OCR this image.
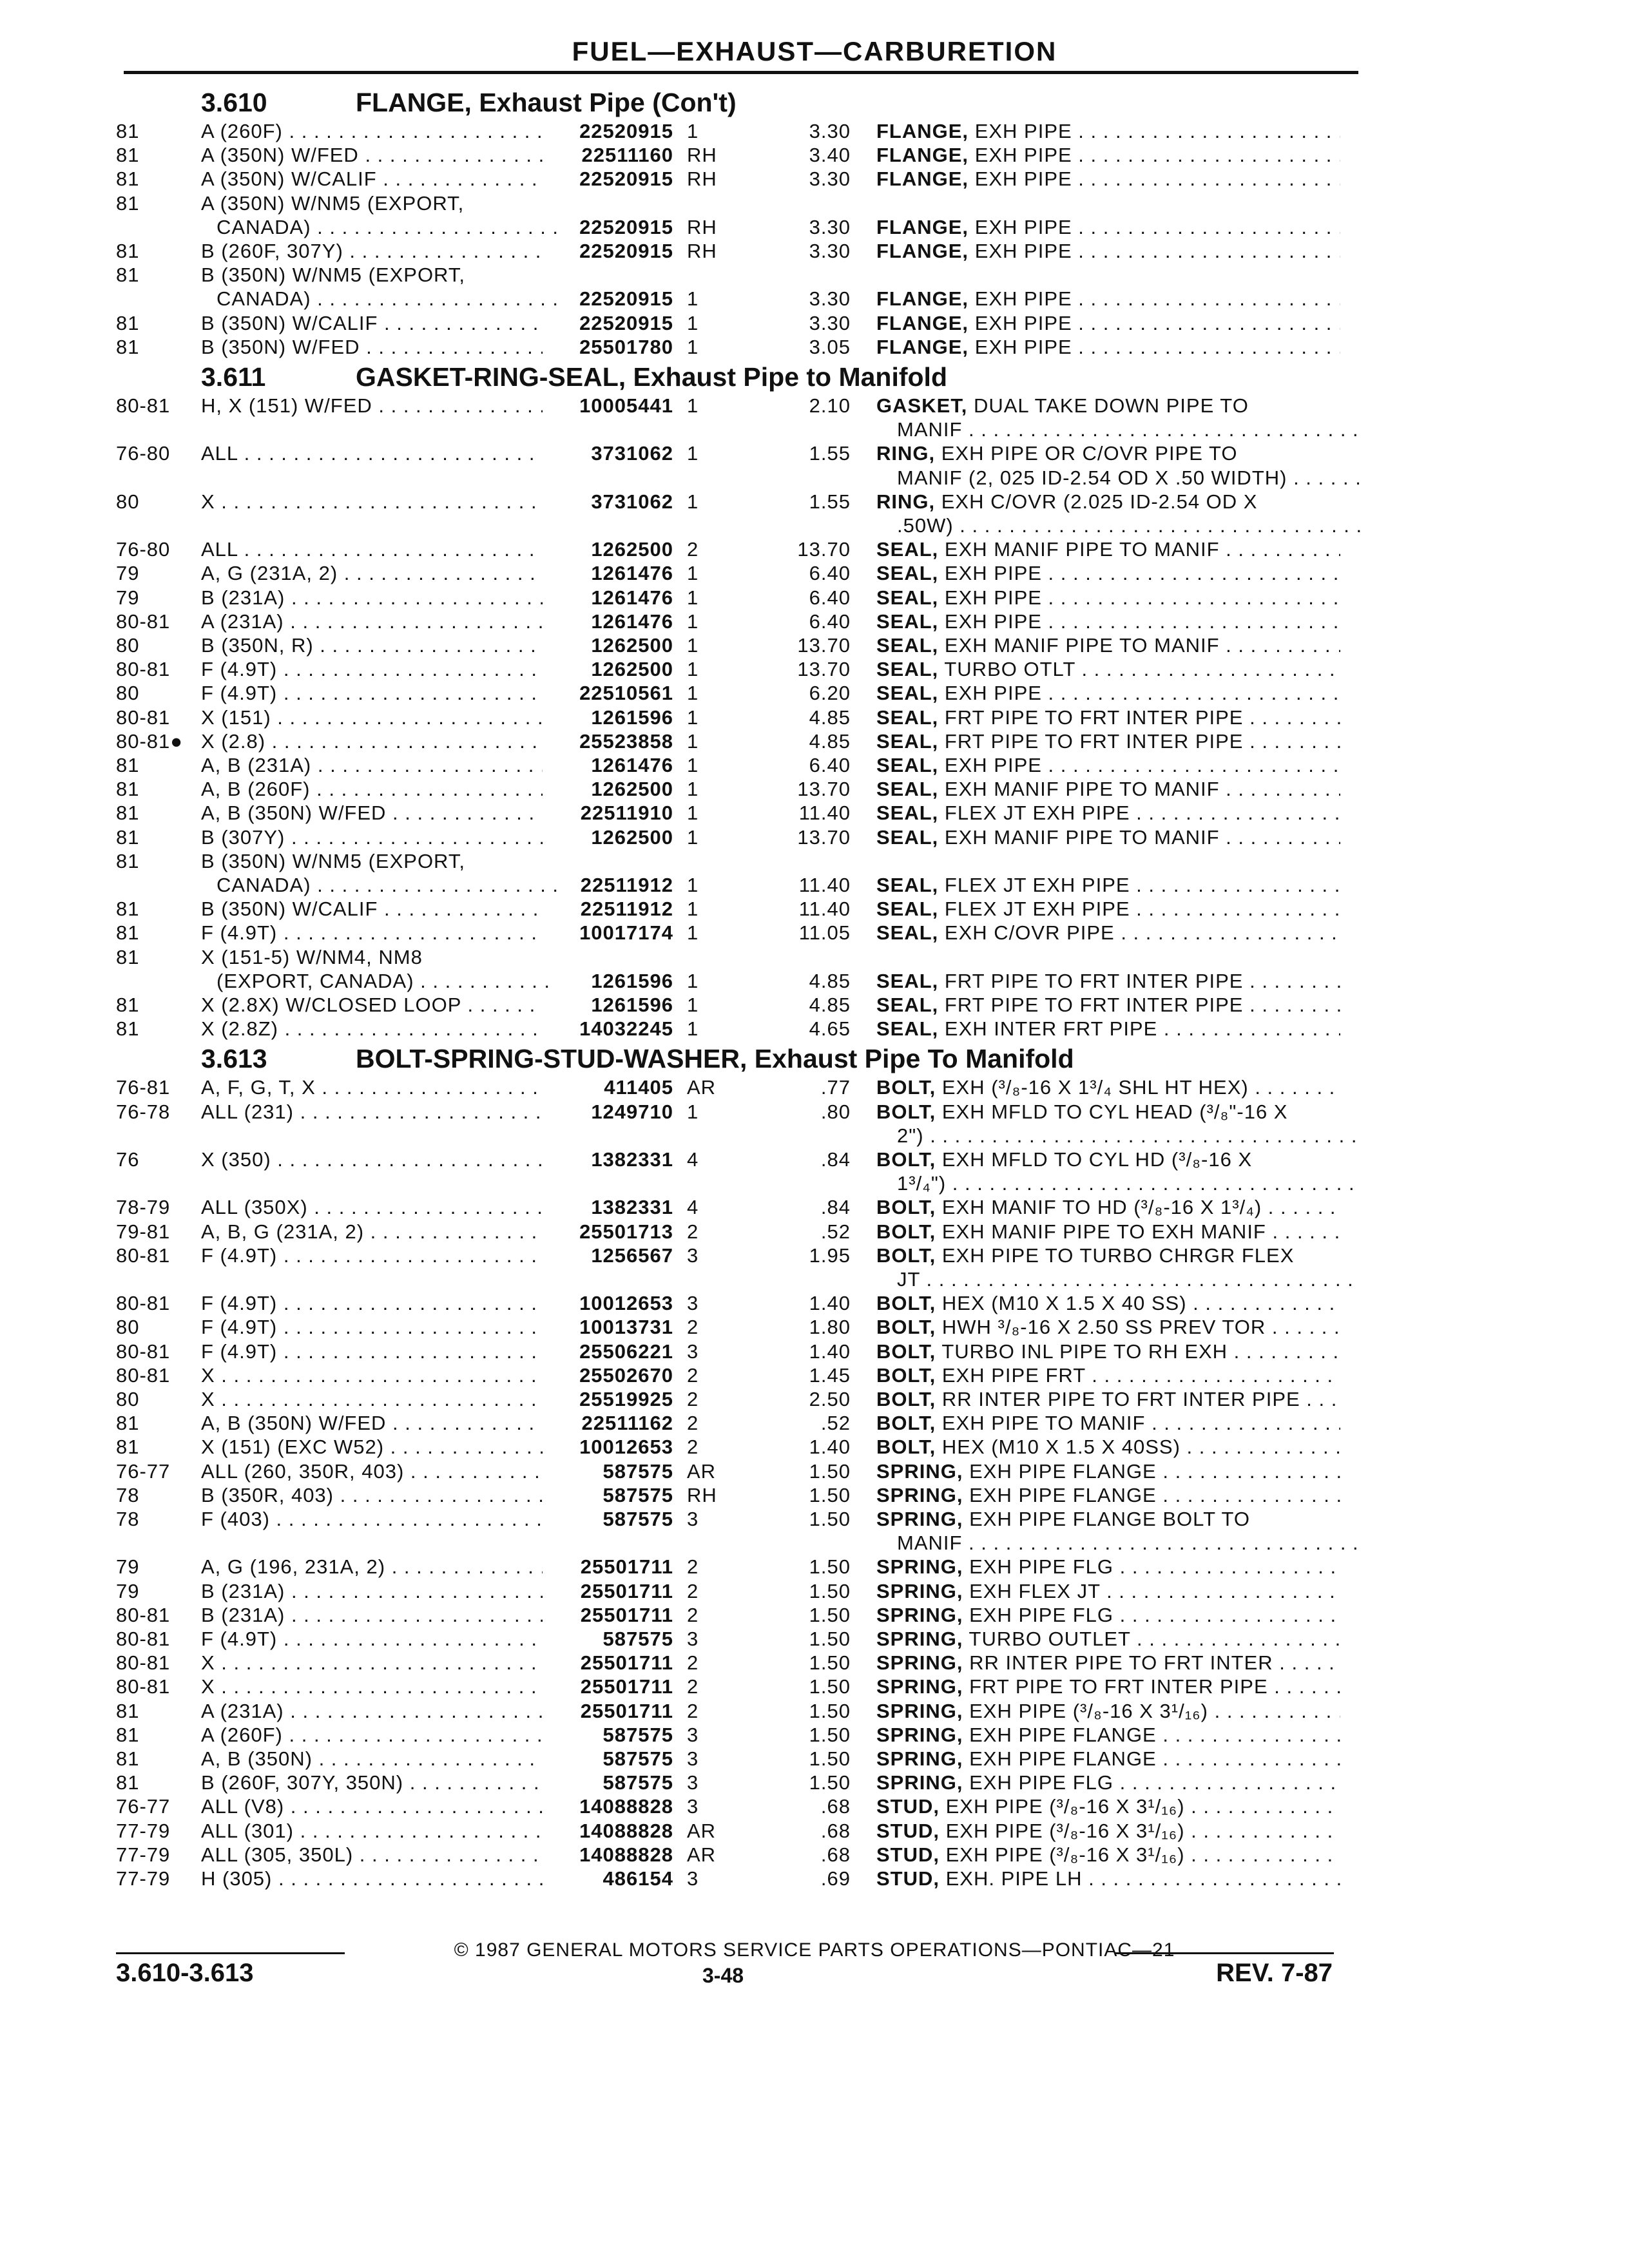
FUEL—EXHAUST—CARBURETION
3.610	FLANGE, Exhaust Pipe (Con't)
81	A (260F) . . .	22520915 1	3.30 FLANGE, EXH PIPE . . .
81	A (350N) W/FED . . .	22511160 RH	3.40 FLANGE, EXH PIPE . . .
81	A (350N) W/CALIF . . .	22520915 RH	3.30 FLANGE, EXH PIPE . . .
81	A (350N) W/NM5 (EXPORT,
CANADA) . . .	22520915 RH	3.30 FLANGE, EXH PIPE . . .
81	B (260F, 307Y) . . .	22520915 RH	3.30 FLANGE, EXH PIPE . . .
81	B (350N) W/NM5 (EXPORT,
CANADA) . . .	22520915 1	3.30 FLANGE, EXH PIPE . . .
81	B (350N) W/CALIF . . .	22520915 1	3.30 FLANGE, EXH PIPE . . .
81	B (350N) W/FED . . .	25501780 1	3.05 FLANGE, EXH PIPE . . .
3.611	GASKET-RING-SEAL, Exhaust Pipe to Manifold
80-81	H, X (151) W/FED . . .	10005441 1	2.10 GASKET, DUAL TAKE DOWN PIPE TO
MANIF . . .
76-80	ALL . . .	3731062 1	1.55 RING, EXH PIPE OR C/OVR PIPE TO
MANIF (2, 025 ID-2.54 OD X .50 WIDTH) . . .
80	X . . .	3731062 1	1.55 RING, EXH C/OVR (2.025 ID-2.54 OD X
.50W) . . .
76-80	ALL . . .	1262500 2	13.70 SEAL, EXH MANIF PIPE TO MANIF . . .
79	A, G (231A, 2) . . .	1261476 1	6.40 SEAL, EXH PIPE . . .
79	B (231A) . . .	1261476 1	6.40 SEAL, EXH PIPE . . .
80-81	A (231A) . . .	1261476 1	6.40 SEAL, EXH PIPE . . .
80	B (350N, R) . . .	1262500 1	13.70 SEAL, EXH MANIF PIPE TO MANIF . . .
80-81	F (4.9T) . . .	1262500 1	13.70 SEAL, TURBO OTLT . . .
80	F (4.9T) . . .	22510561 1	6.20 SEAL, EXH PIPE . . .
80-81	X (151) . . .	1261596 1	4.85 SEAL, FRT PIPE TO FRT INTER PIPE . . .
80-81● X (2.8) . . .	25523858 1	4.85 SEAL, FRT PIPE TO FRT INTER PIPE . . .
81	A, B (231A) . . .	1261476 1	6.40 SEAL, EXH PIPE . . .
81	A, B (260F) . . .	1262500 1	13.70 SEAL, EXH MANIF PIPE TO MANIF . . .
81	A, B (350N) W/FED . . .	22511910 1	11.40 SEAL, FLEX JT EXH PIPE . . .
81	B (307Y) . . .	1262500 1	13.70 SEAL, EXH MANIF PIPE TO MANIF . . .
81	B (350N) W/NM5 (EXPORT,
CANADA) . . .	22511912 1	11.40 SEAL, FLEX JT EXH PIPE . . .
81	B (350N) W/CALIF . . .	22511912 1	11.40 SEAL, FLEX JT EXH PIPE . . .
81	F (4.9T) . . .	10017174 1	11.05 SEAL, EXH C/OVR PIPE . . .
81	X (151-5) W/NM4, NM8
(EXPORT, CANADA) . . .	1261596 1	4.85 SEAL, FRT PIPE TO FRT INTER PIPE . . .
81	X (2.8X) W/CLOSED LOOP . . .	1261596 1	4.85 SEAL, FRT PIPE TO FRT INTER PIPE . . .
81	X (2.8Z) . . .	14032245 1	4.65 SEAL, EXH INTER FRT PIPE . . .
3.613	BOLT-SPRING-STUD-WASHER, Exhaust Pipe To Manifold
76-81	A, F, G, T, X . . .	411405 AR	.77 BOLT, EXH (³/₈-16 X 1³/₄ SHL HT HEX) . . .
76-78	ALL (231) . . .	1249710 1	.80 BOLT, EXH MFLD TO CYL HEAD (³/₈"-16 X
2") . . .
76	X (350) . . .	1382331 4	.84 BOLT, EXH MFLD TO CYL HD (³/₈-16 X
1³/₄") . . .
78-79	ALL (350X) . . .	1382331 4	.84 BOLT, EXH MANIF TO HD (³/₈-16 X 1³/₄) . . .
79-81	A, B, G (231A, 2) . . .	25501713 2	.52 BOLT, EXH MANIF PIPE TO EXH MANIF . . .
80-81	F (4.9T) . . .	1256567 3	1.95 BOLT, EXH PIPE TO TURBO CHRGR FLEX
JT . . .
80-81	F (4.9T) . . .	10012653 3	1.40 BOLT, HEX (M10 X 1.5 X 40 SS) . . .
80	F (4.9T) . . .	10013731 2	1.80 BOLT, HWH ³/₈-16 X 2.50 SS PREV TOR . . .
80-81	F (4.9T) . . .	25506221 3	1.40 BOLT, TURBO INL PIPE TO RH EXH . . .
80-81	X . . .	25502670 2	1.45 BOLT, EXH PIPE FRT . . .
80	X . . .	25519925 2	2.50 BOLT, RR INTER PIPE TO FRT INTER PIPE . . .
81	A, B (350N) W/FED . . .	22511162 2	.52 BOLT, EXH PIPE TO MANIF . . .
81	X (151) (EXC W52) . . .	10012653 2	1.40 BOLT, HEX (M10 X 1.5 X 40SS) . . .
76-77	ALL (260, 350R, 403) . . .	587575 AR	1.50 SPRING, EXH PIPE FLANGE . . .
78	B (350R, 403) . . .	587575 RH	1.50 SPRING, EXH PIPE FLANGE . . .
78	F (403) . . .	587575 3	1.50 SPRING, EXH PIPE FLANGE BOLT TO
MANIF . . .
79	A, G (196, 231A, 2) . . .	25501711 2	1.50 SPRING, EXH PIPE FLG . . .
79	B (231A) . . .	25501711 2	1.50 SPRING, EXH FLEX JT . . .
80-81	B (231A) . . .	25501711 2	1.50 SPRING, EXH PIPE FLG . . .
80-81	F (4.9T) . . .	587575 3	1.50 SPRING, TURBO OUTLET . . .
80-81	X . . .	25501711 2	1.50 SPRING, RR INTER PIPE TO FRT INTER . . .
80-81	X . . .	25501711 2	1.50 SPRING, FRT PIPE TO FRT INTER PIPE . . .
81	A (231A) . . .	25501711 2	1.50 SPRING, EXH PIPE (³/₈-16 X 3¹/₁₆) . . .
81	A (260F) . . .	587575 3	1.50 SPRING, EXH PIPE FLANGE . . .
81	A, B (350N) . . .	587575 3	1.50 SPRING, EXH PIPE FLANGE . . .
81	B (260F, 307Y, 350N) . . .	587575 3	1.50 SPRING, EXH PIPE FLG . . .
76-77	ALL (V8) . . .	14088828 3	.68 STUD, EXH PIPE (³/₈-16 X 3¹/₁₆) . . .
77-79	ALL (301) . . .	14088828 AR	.68 STUD, EXH PIPE (³/₈-16 X 3¹/₁₆) . . .
77-79	ALL (305, 350L) . . .	14088828 AR	.68 STUD, EXH PIPE (³/₈-16 X 3¹/₁₆) . . .
77-79	H (305) . . .	486154 3	.69 STUD, EXH. PIPE LH . . .
© 1987 GENERAL MOTORS SERVICE PARTS OPERATIONS—PONTIAC—21
3.610-3.613	3-48	REV. 7-87
